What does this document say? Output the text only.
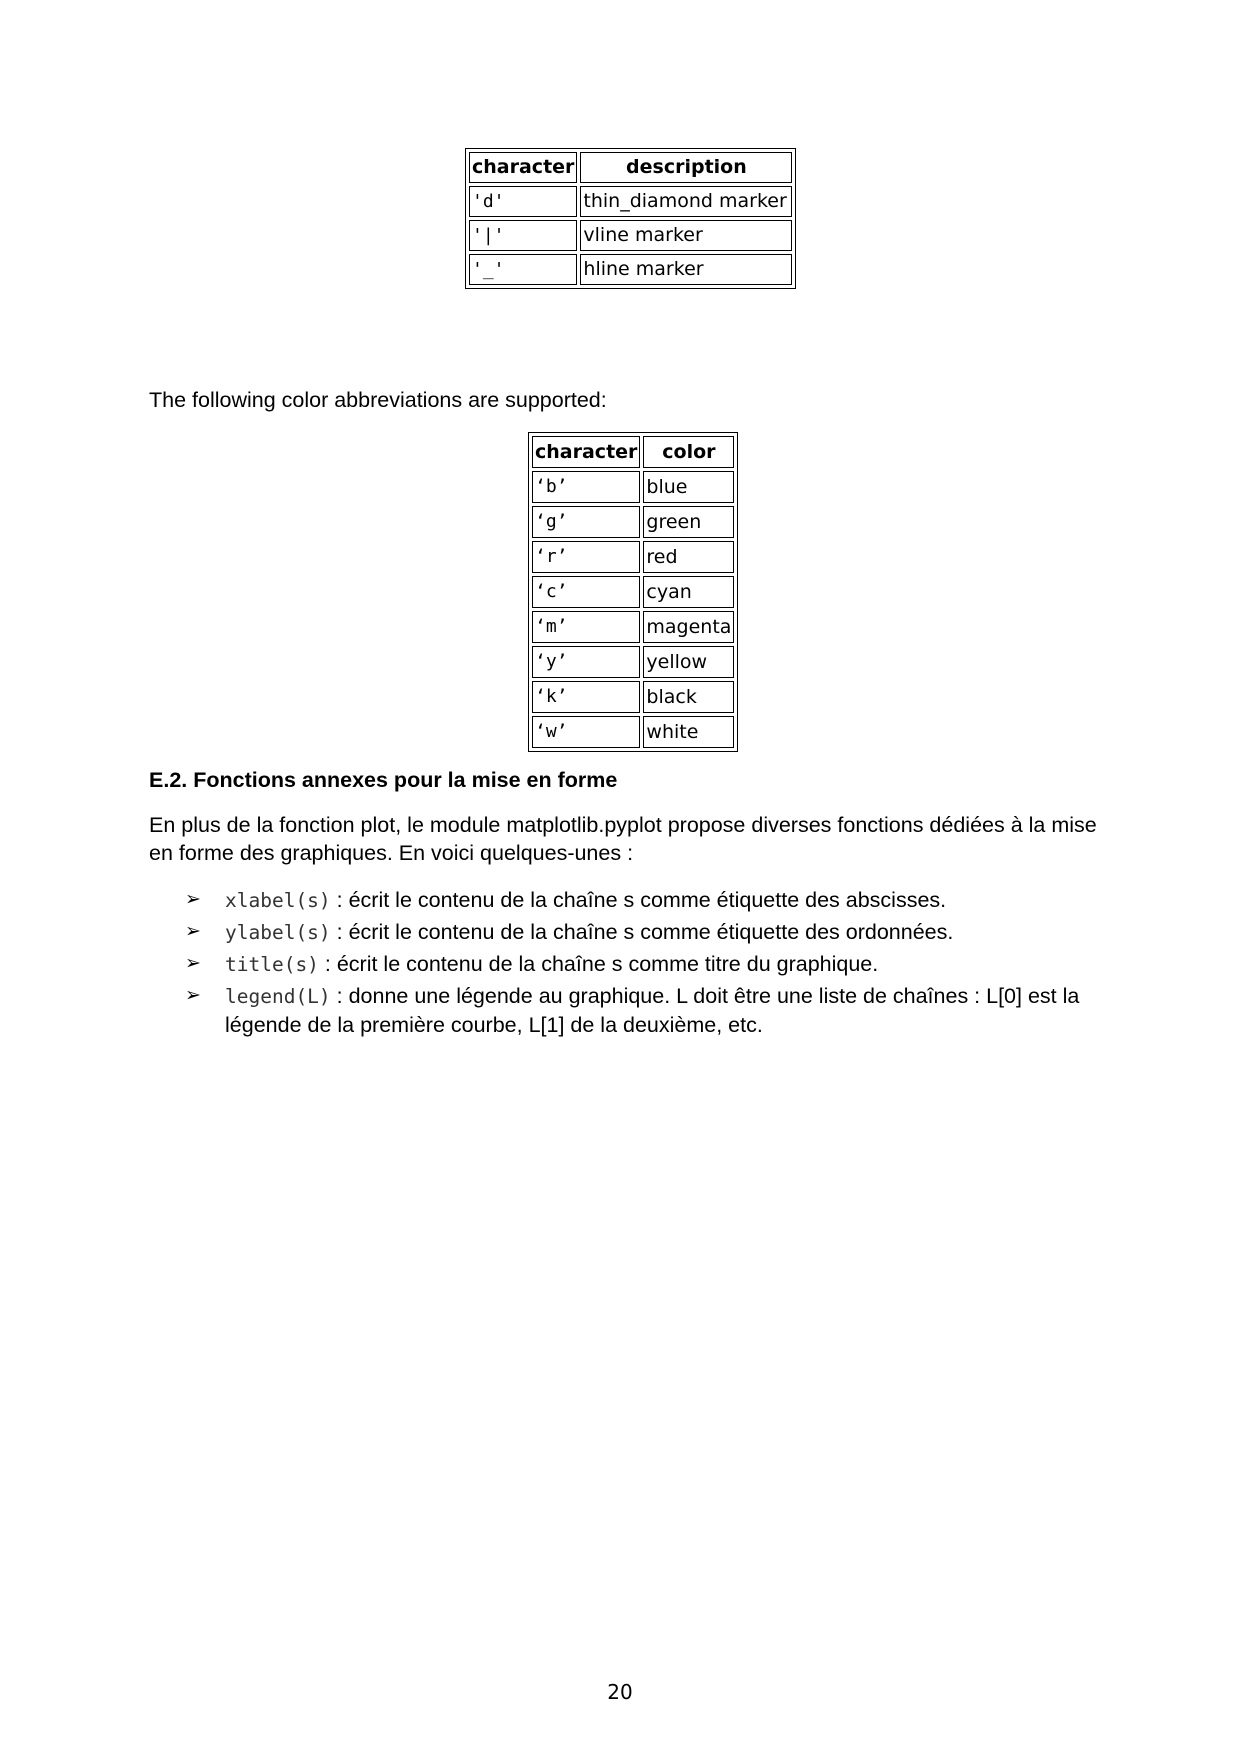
character	description
'd'	thin_diamond marker
'|'	vline marker
'_'	hline marker

The following color abbreviations are supported:

character	color
‘b’	blue
‘g’	green
‘r’	red
‘c’	cyan
‘m’	magenta
‘y’	yellow
‘k’	black
‘w’	white
E.2. Fonctions annexes pour la mise en forme

En plus de la fonction plot, le module matplotlib.pyplot propose diverses fonctions dédiées à la mise en forme des graphiques. En voici quelques-unes :

➢ xlabel(s) : écrit le contenu de la chaîne s comme étiquette des abscisses.
➢ ylabel(s) : écrit le contenu de la chaîne s comme étiquette des ordonnées.
➢ title(s) : écrit le contenu de la chaîne s comme titre du graphique.
➢ legend(L) : donne une légende au graphique. L doit être une liste de chaînes : L[0] est la légende de la première courbe, L[1] de la deuxième, etc.
20
